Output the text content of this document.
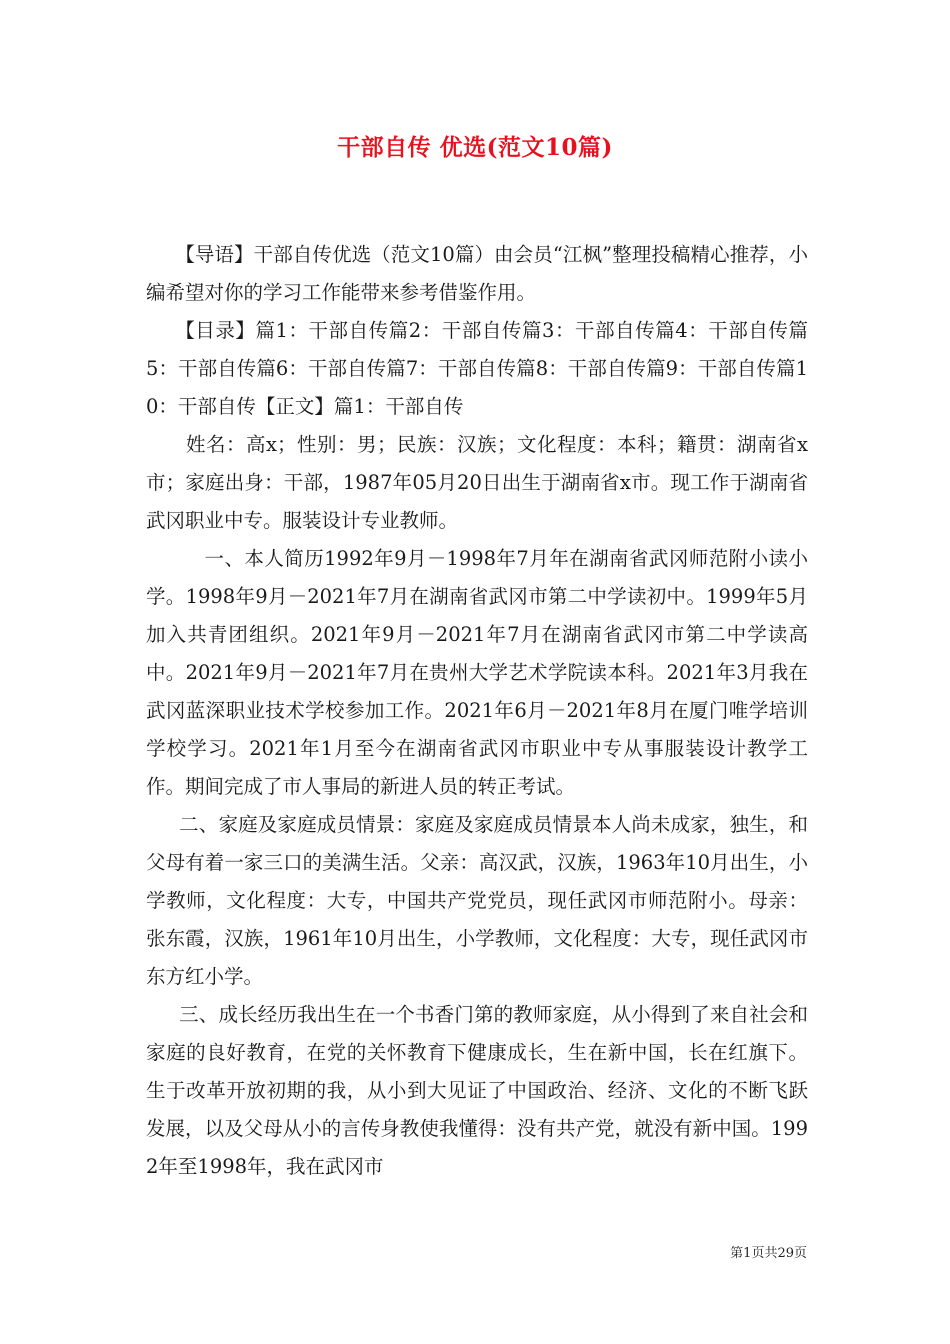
干部自传 优选(范文10篇)

【导语】干部自传优选（范文10篇）由会员“江枫”整理投稿精心推荐，小编希望对你的学习工作能带来参考借鉴作用。

【目录】篇1：干部自传篇2：干部自传篇3：干部自传篇4：干部自传篇5：干部自传篇6：干部自传篇7：干部自传篇8：干部自传篇9：干部自传篇10：干部自传【正文】篇1：干部自传

姓名：高x；性别：男；民族：汉族；文化程度：本科；籍贯：湖南省x市；家庭出身：干部，1987年05月20日出生于湖南省x市。现工作于湖南省武冈职业中专。服装设计专业教师。

一、本人简历1992年9月－1998年7月年在湖南省武冈师范附小读小学。1998年9月－2021年7月在湖南省武冈市第二中学读初中。1999年5月加入共青团组织。2021年9月－2021年7月在湖南省武冈市第二中学读高中。2021年9月－2021年7月在贵州大学艺术学院读本科。2021年3月我在武冈蓝深职业技术学校参加工作。2021年6月－2021年8月在厦门唯学培训学校学习。2021年1月至今在湖南省武冈市职业中专从事服装设计教学工作。期间完成了市人事局的新进人员的转正考试。

二、家庭及家庭成员情景：家庭及家庭成员情景本人尚未成家，独生，和父母有着一家三口的美满生活。父亲：高汉武，汉族，1963年10月出生，小学教师，文化程度：大专，中国共产党党员，现任武冈市师范附小。母亲：张东霞，汉族，1961年10月出生，小学教师，文化程度：大专，现任武冈市东方红小学。

三、成长经历我出生在一个书香门第的教师家庭，从小得到了来自社会和家庭的良好教育，在党的关怀教育下健康成长，生在新中国，长在红旗下。生于改革开放初期的我，从小到大见证了中国政治、经济、文化的不断飞跃发展，以及父母从小的言传身教使我懂得：没有共产党，就没有新中国。1992年至1998年，我在武冈市

第1页共29页
